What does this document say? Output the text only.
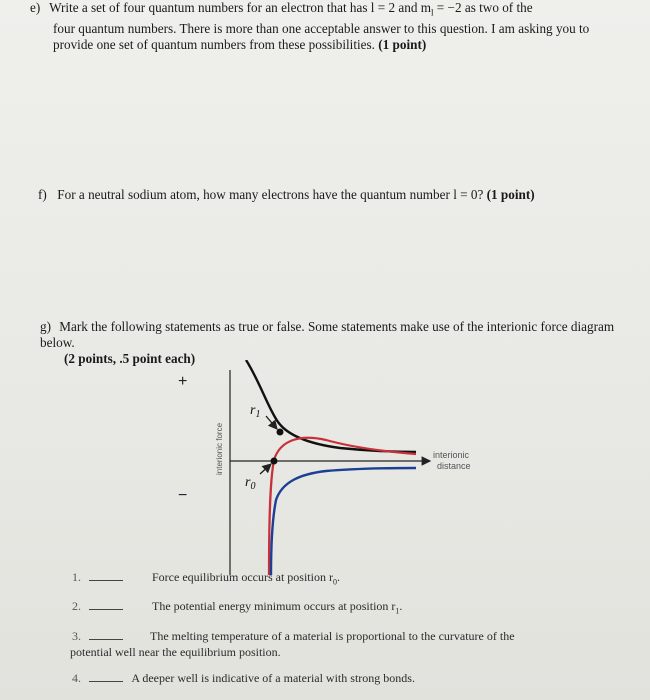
e) Write a set of four quantum numbers for an electron that has l = 2 and $m_l = -2$ as two of the
four quantum numbers. There is more than one acceptable answer to this question. I am asking you to provide one set of quantum numbers from these possibilities. (1 point)
f) For a neutral sodium atom, how many electrons have the quantum number l = 0? (1 point)
g) Mark the following statements as true or false. Some statements make use of the interionic force diagram below.
(2 points, .5 point each)
+
−
interionic force	interionic
distance
$r_1$
$r_0$
1.	Force equilibrium occurs at position $r_0$.
2.	The potential energy minimum occurs at position $r_1$.
3.	The melting temperature of a material is proportional to the curvature of the
potential well near the equilibrium position.
4.	A deeper well is indicative of a material with strong bonds.
